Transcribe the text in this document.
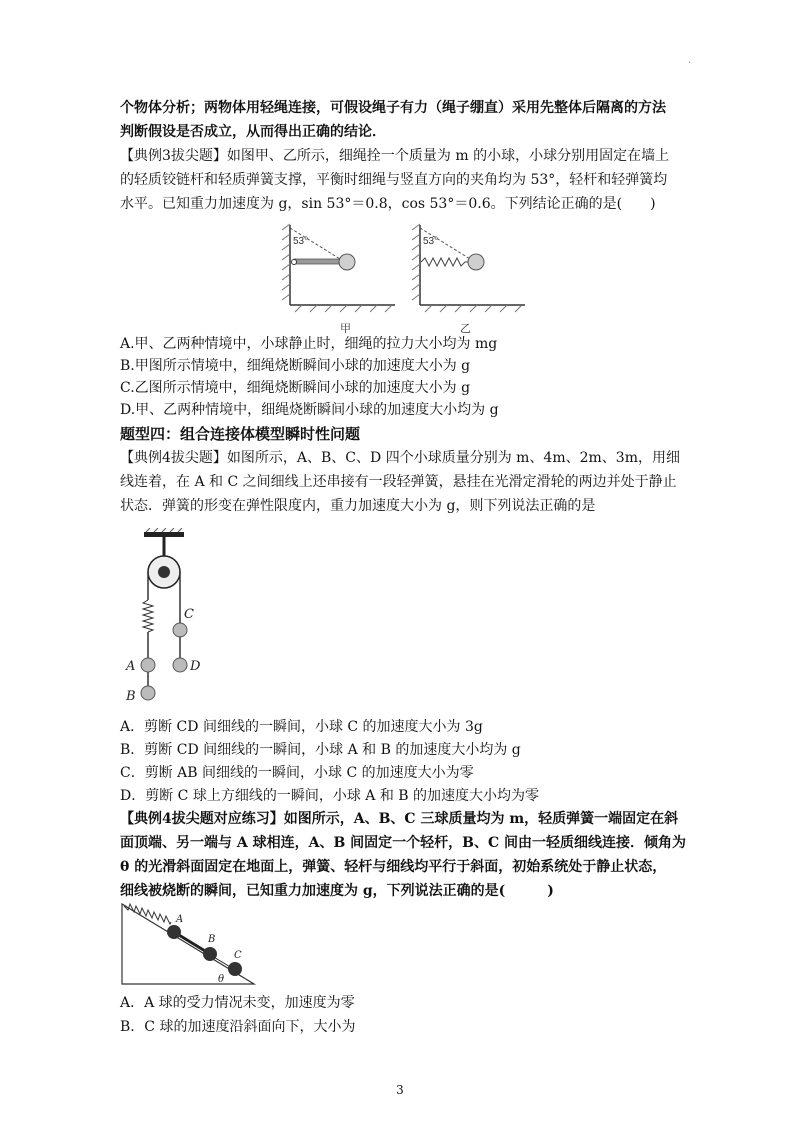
·
个物体分析；两物体用轻绳连接，可假设绳子有力（绳子绷直）采用先整体后隔离的方法
判断假设是否成立，从而得出正确的结论．
【典例3拔尖题】如图甲、乙所示，细绳拴一个质量为 m 的小球，小球分别用固定在墙上
的轻质铰链杆和轻质弹簧支撑，平衡时细绳与竖直方向的夹角均为 53°，轻杆和轻弹簧均
水平。已知重力加速度为 g，sin 53°＝0.8，cos 53°＝0.6。下列结论正确的是(　　)
53°	53°
甲	乙
A.甲、乙两种情境中，小球静止时，细绳的拉力大小均为 mg
B.甲图所示情境中，细绳烧断瞬间小球的加速度大小为 g
C.乙图所示情境中，细绳烧断瞬间小球的加速度大小为 g
D.甲、乙两种情境中，细绳烧断瞬间小球的加速度大小均为 g
题型四：组合连接体模型瞬时性问题
【典例4拔尖题】如图所示，A、B、C、D 四个小球质量分别为 m、4m、2m、3m，用细
线连着，在 A 和 C 之间细线上还串接有一段轻弹簧，悬挂在光滑定滑轮的两边并处于静止
状态．弹簧的形变在弹性限度内，重力加速度大小为 g，则下列说法正确的是
C
A	D
B
A．剪断 CD 间细线的一瞬间，小球 C 的加速度大小为 3g
B．剪断 CD 间细线的一瞬间，小球 A 和 B 的加速度大小均为 g
C．剪断 AB 间细线的一瞬间，小球 C 的加速度大小为零
D．剪断 C 球上方细线的一瞬间，小球 A 和 B 的加速度大小均为零
【典例4拔尖题对应练习】如图所示，A、B、C 三球质量均为 m，轻质弹簧一端固定在斜
面顶端、另一端与 A 球相连，A、B 间固定一个轻杆，B、C 间由一轻质细线连接．倾角为
θ 的光滑斜面固定在地面上，弹簧、轻杆与细线均平行于斜面，初始系统处于静止状态，
细线被烧断的瞬间，已知重力加速度为 g，下列说法正确的是(　　　)
A
B
C
θ
A．A 球的受力情况未变，加速度为零
B．C 球的加速度沿斜面向下，大小为
3
